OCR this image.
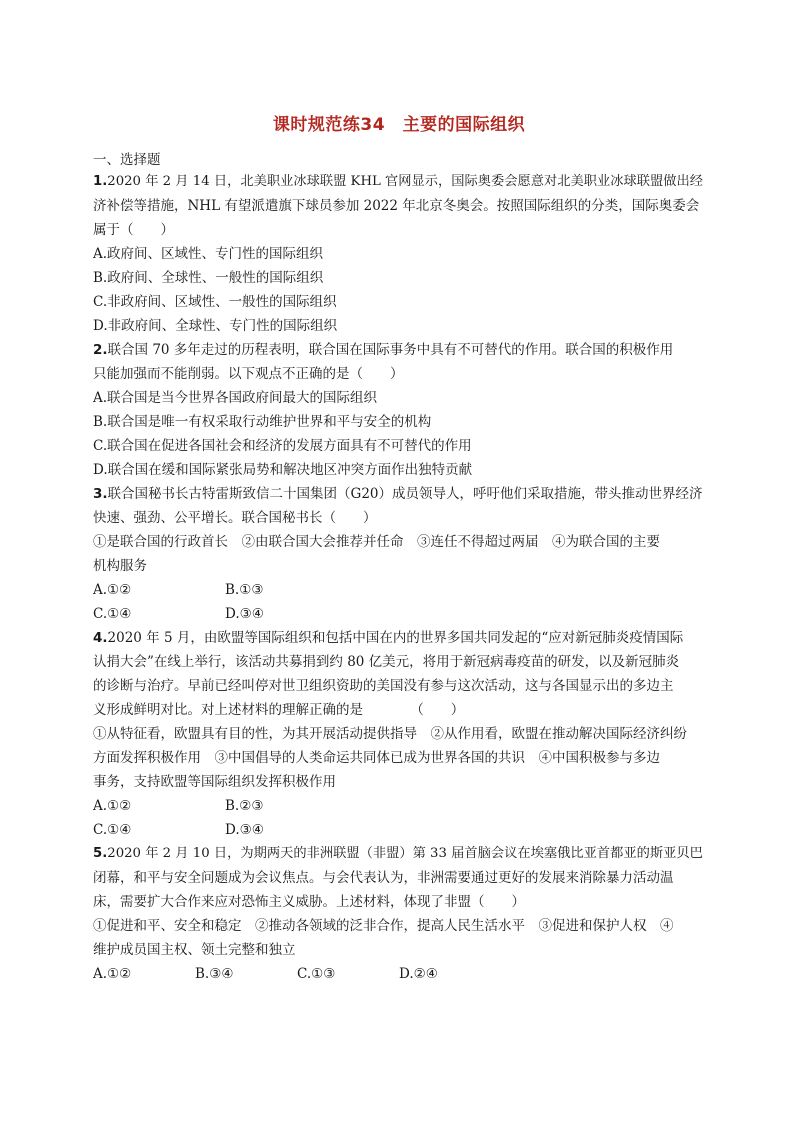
课时规范练34　主要的国际组织
一、选择题
1.2020 年 2 月 14 日，北美职业冰球联盟 KHL 官网显示，国际奥委会愿意对北美职业冰球联盟做出经
济补偿等措施，NHL 有望派遣旗下球员参加 2022 年北京冬奥会。按照国际组织的分类，国际奥委会
属于（　　）
A.政府间、区域性、专门性的国际组织
B.政府间、全球性、一般性的国际组织
C.非政府间、区域性、一般性的国际组织
D.非政府间、全球性、专门性的国际组织
2.联合国 70 多年走过的历程表明，联合国在国际事务中具有不可替代的作用。联合国的积极作用
只能加强而不能削弱。以下观点不正确的是（　　）
A.联合国是当今世界各国政府间最大的国际组织
B.联合国是唯一有权采取行动维护世界和平与安全的机构
C.联合国在促进各国社会和经济的发展方面具有不可替代的作用
D.联合国在缓和国际紧张局势和解决地区冲突方面作出独特贡献
3.联合国秘书长古特雷斯致信二十国集团（G20）成员领导人，呼吁他们采取措施，带头推动世界经济
快速、强劲、公平增长。联合国秘书长（　　）
①是联合国的行政首长　②由联合国大会推荐并任命　③连任不得超过两届　④为联合国的主要
机构服务
A.①②	B.①③
C.①④	D.③④
4.2020 年 5 月，由欧盟等国际组织和包括中国在内的世界多国共同发起的“应对新冠肺炎疫情国际
认捐大会”在线上举行，该活动共募捐到约 80 亿美元，将用于新冠病毒疫苗的研发，以及新冠肺炎
的诊断与治疗。早前已经叫停对世卫组织资助的美国没有参与这次活动，这与各国显示出的多边主
义形成鲜明对比。对上述材料的理解正确的是　　　　（　　）
①从特征看，欧盟具有目的性，为其开展活动提供指导　②从作用看，欧盟在推动解决国际经济纠纷
方面发挥积极作用　③中国倡导的人类命运共同体已成为世界各国的共识　④中国积极参与多边
事务，支持欧盟等国际组织发挥积极作用
A.①②	B.②③
C.①④	D.③④
5.2020 年 2 月 10 日，为期两天的非洲联盟（非盟）第 33 届首脑会议在埃塞俄比亚首都亚的斯亚贝巴
闭幕，和平与安全问题成为会议焦点。与会代表认为，非洲需要通过更好的发展来消除暴力活动温
床，需要扩大合作来应对恐怖主义威胁。上述材料，体现了非盟（　　）
①促进和平、安全和稳定　②推动各领域的泛非合作，提高人民生活水平　③促进和保护人权　④
维护成员国主权、领土完整和独立
A.①②	B.③④	C.①③	D.②④
